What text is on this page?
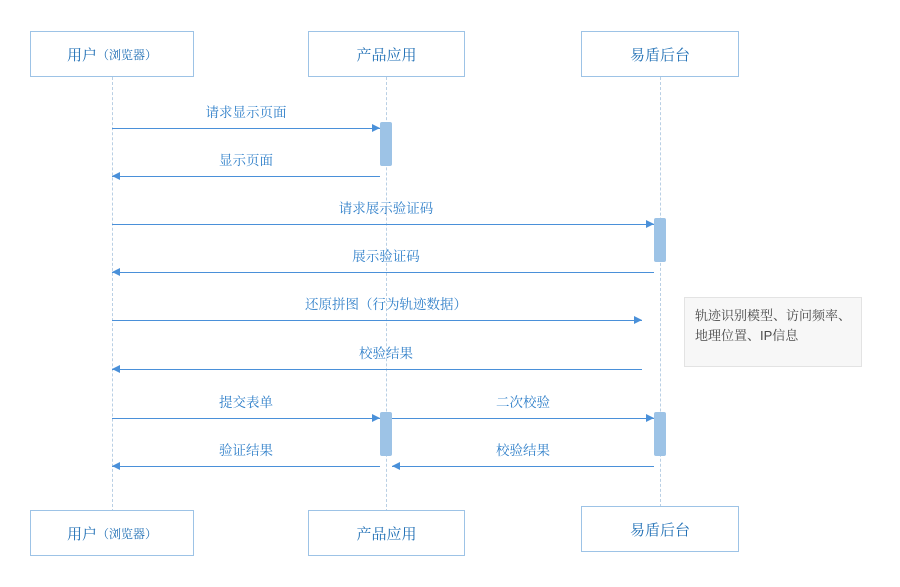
用户 （浏览器）	产品应用	易盾后台
用户 （浏览器）	产品应用	易盾后台
请求显示页面
显示页面
请求展示验证码
展示验证码
还原拼图（行为轨迹数据）
校验结果
提交表单	二次校验
验证结果	校验结果
轨迹识别模型、访问频率、
地理位置、IP信息
